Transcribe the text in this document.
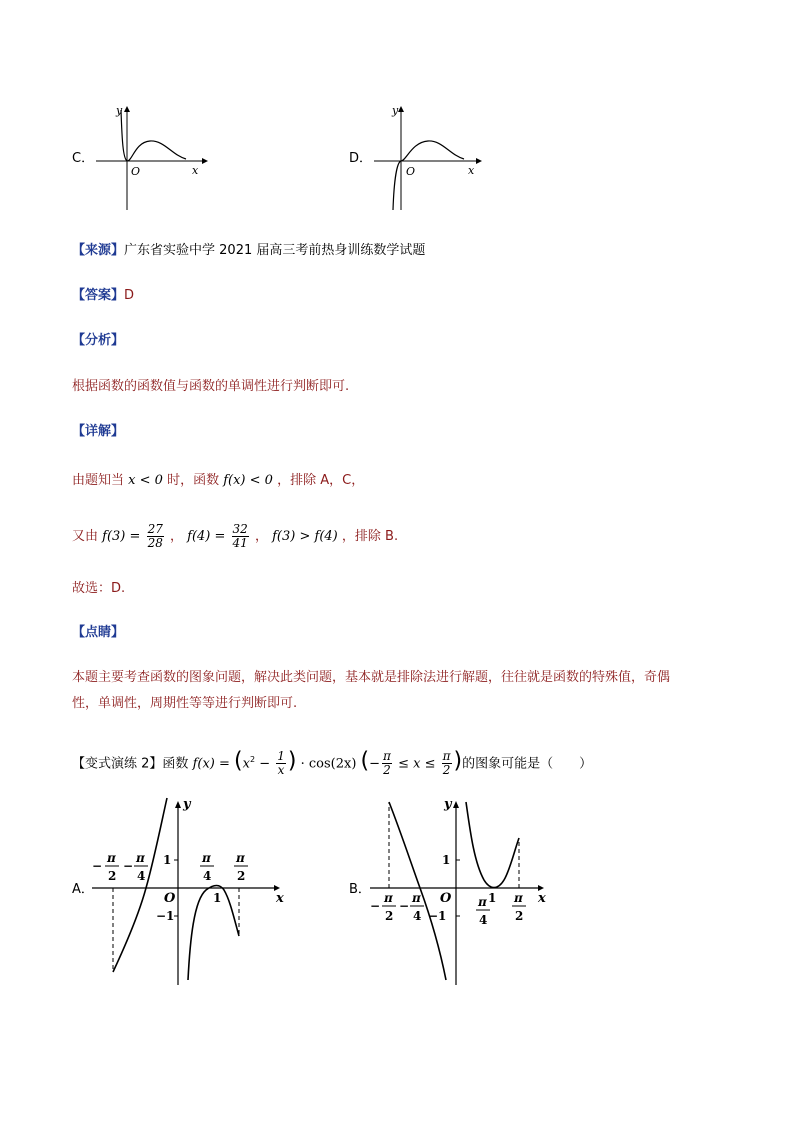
C．
y
O	x
D．
y
O	x
【来源】广东省实验中学 2021 届高三考前热身训练数学试题
【答案】D
【分析】
根据函数的函数值与函数的单调性进行判断即可.
【详解】
由题知当 x < 0 时，函数 f(x) < 0 ，排除 A，C，
又由 $f(3) = \frac{27}{28}$ ， $f(4) = \frac{32}{41}$ ， f(3) > f(4) ，排除 B.
故选：D.
【点睛】
本题主要考查函数的图象问题，解决此类问题，基本就是排除法进行解题，往往就是函数的特殊值，奇偶
性，单调性，周期性等等进行判断即可.
【变式演练 2】函数 $f(x) = (x^2 - \frac{1}{x}$ ) · cos(2x) (− $\frac{\pi}{2} \le x \le \frac{\pi}{2}$ )的图象可能是（　　）
A．
y
x
O
1
−1
1
−
π
2
−
π
4
π
4
π
2
B．
y
x
O
1
−1
1
−
π
2
−
π
4
π
4
π
2
